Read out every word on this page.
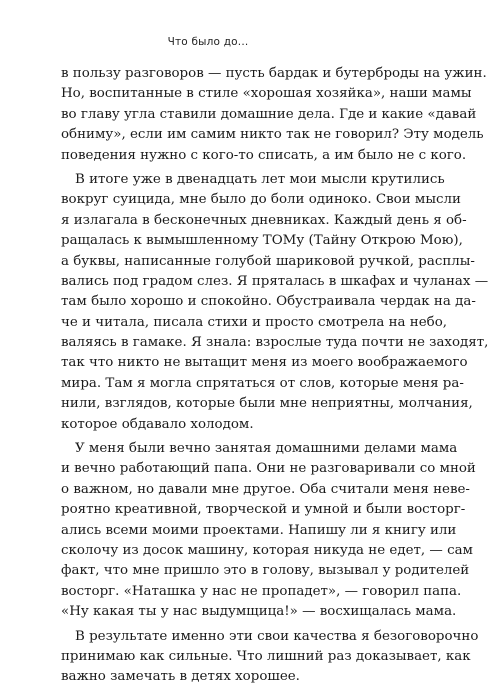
Что было до...
в пользу разговоров — пусть бардак и бутерброды на ужин.
Но, воспитанные в стиле «хорошая хозяйка», наши мамы
во главу угла ставили домашние дела. Где и какие «давай
обниму», если им самим никто так не говорил? Эту модель
поведения нужно с кого-то списать, а им было не с кого.
В итоге уже в двенадцать лет мои мысли крутились
вокруг суицида, мне было до боли одиноко. Свои мысли
я излагала в бесконечных дневниках. Каждый день я об-
ращалась к вымышленному ТОМу (Тайну Открою Мою),
а буквы, написанные голубой шариковой ручкой, расплы-
вались под градом слез. Я пряталась в шкафах и чуланах —
там было хорошо и спокойно. Обустраивала чердак на да-
че и читала, писала стихи и просто смотрела на небо,
валяясь в гамаке. Я знала: взрослые туда почти не заходят,
так что никто не вытащит меня из моего воображаемого
мира. Там я могла спрятаться от слов, которые меня ра-
нили, взглядов, которые были мне неприятны, молчания,
которое обдавало холодом.
У меня были вечно занятая домашними делами мама
и вечно работающий папа. Они не разговаривали со мной
о важном, но давали мне другое. Оба считали меня неве-
роятно креативной, творческой и умной и были восторг-
ались всеми моими проектами. Напишу ли я книгу или
сколочу из досок машину, которая никуда не едет, — сам
факт, что мне пришло это в голову, вызывал у родителей
восторг. «Наташка у нас не пропадет», — говорил папа.
«Ну какая ты у нас выдумщица!» — восхищалась мама.
В результате именно эти свои качества я безоговорочно
принимаю как сильные. Что лишний раз доказывает, как
важно замечать в детях хорошее.
